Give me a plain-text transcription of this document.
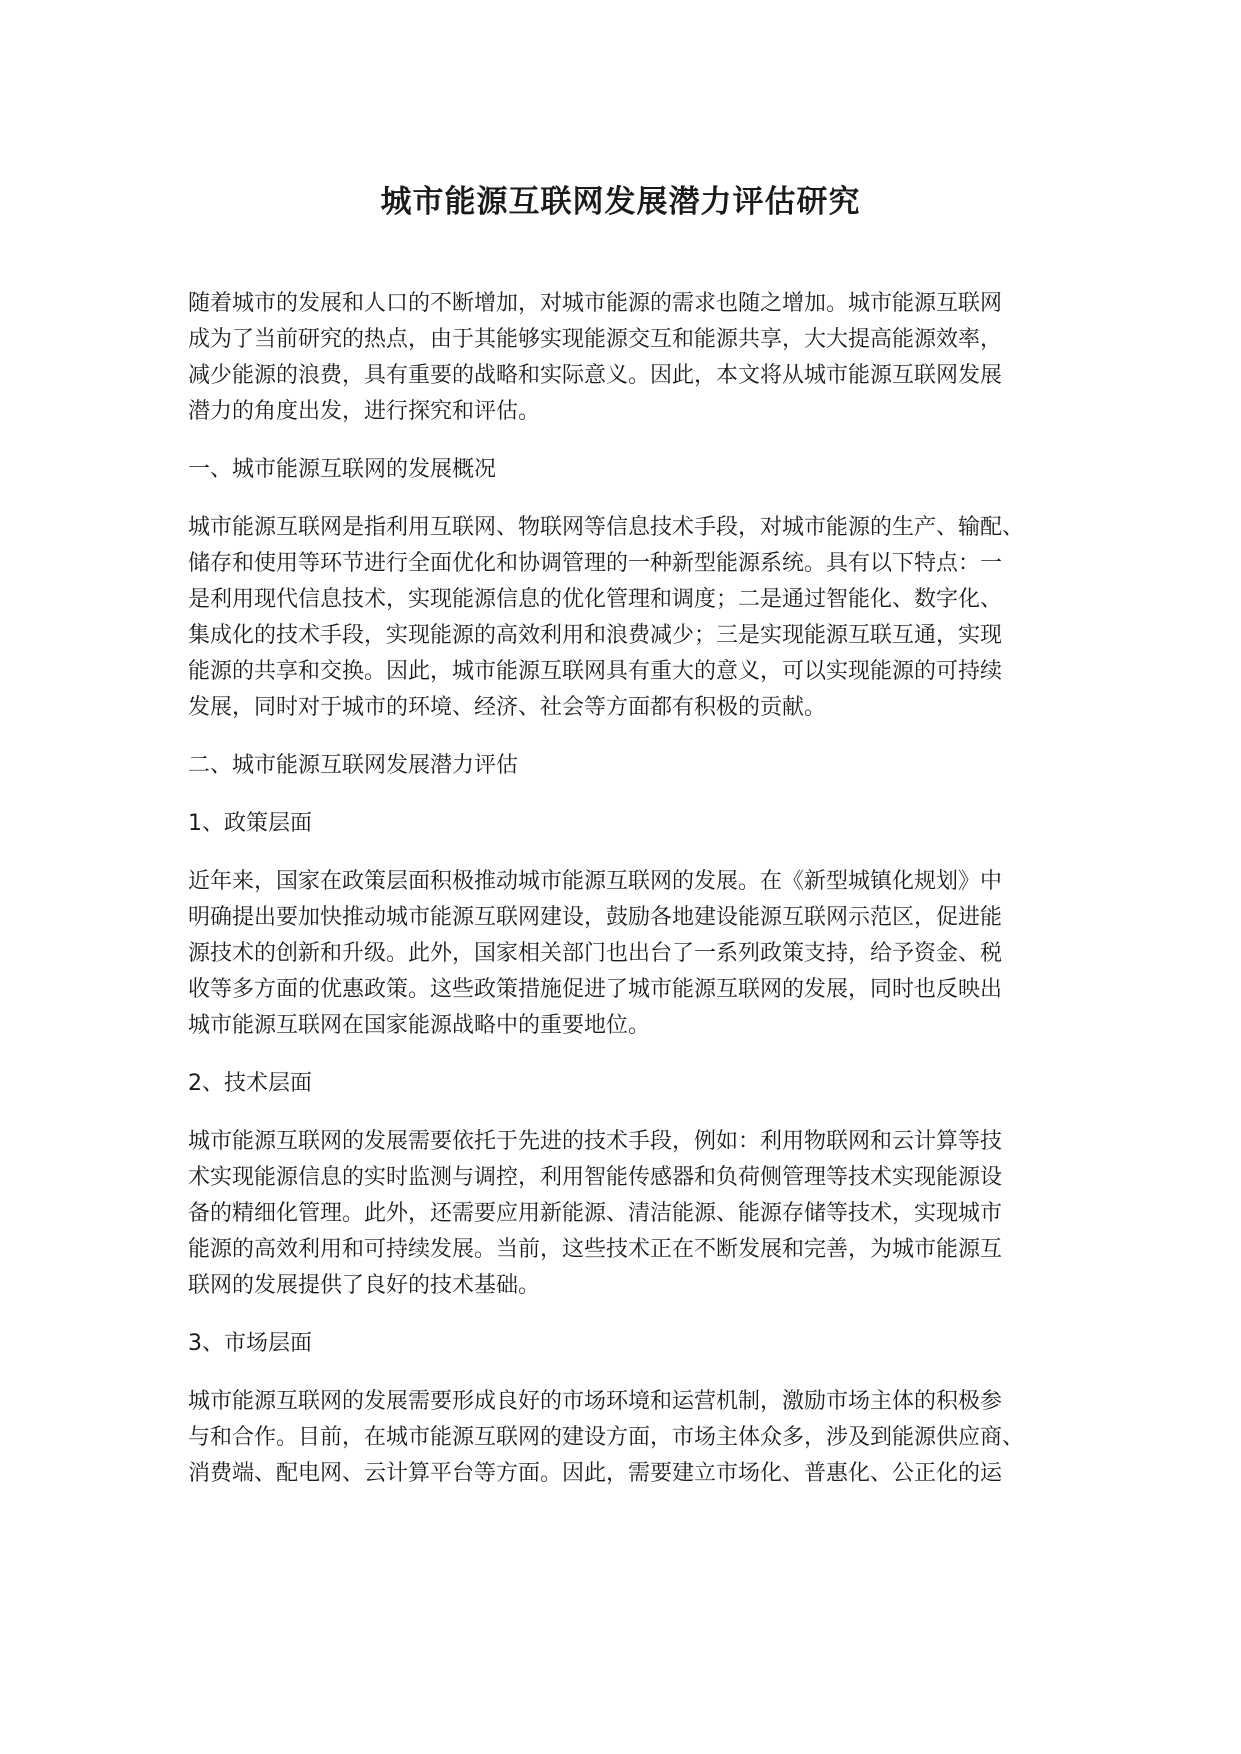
城市能源互联网发展潜力评估研究
随着城市的发展和人口的不断增加，对城市能源的需求也随之增加。城市能源互联网
成为了当前研究的热点，由于其能够实现能源交互和能源共享，大大提高能源效率，
减少能源的浪费，具有重要的战略和实际意义。因此，本文将从城市能源互联网发展
潜力的角度出发，进行探究和评估。
一、城市能源互联网的发展概况
城市能源互联网是指利用互联网、物联网等信息技术手段，对城市能源的生产、输配、
储存和使用等环节进行全面优化和协调管理的一种新型能源系统。具有以下特点：一
是利用现代信息技术，实现能源信息的优化管理和调度；二是通过智能化、数字化、
集成化的技术手段，实现能源的高效利用和浪费减少；三是实现能源互联互通，实现
能源的共享和交换。因此，城市能源互联网具有重大的意义，可以实现能源的可持续
发展，同时对于城市的环境、经济、社会等方面都有积极的贡献。
二、城市能源互联网发展潜力评估
1、政策层面
近年来，国家在政策层面积极推动城市能源互联网的发展。在《新型城镇化规划》中
明确提出要加快推动城市能源互联网建设，鼓励各地建设能源互联网示范区，促进能
源技术的创新和升级。此外，国家相关部门也出台了一系列政策支持，给予资金、税
收等多方面的优惠政策。这些政策措施促进了城市能源互联网的发展，同时也反映出
城市能源互联网在国家能源战略中的重要地位。
2、技术层面
城市能源互联网的发展需要依托于先进的技术手段，例如：利用物联网和云计算等技
术实现能源信息的实时监测与调控，利用智能传感器和负荷侧管理等技术实现能源设
备的精细化管理。此外，还需要应用新能源、清洁能源、能源存储等技术，实现城市
能源的高效利用和可持续发展。当前，这些技术正在不断发展和完善，为城市能源互
联网的发展提供了良好的技术基础。
3、市场层面
城市能源互联网的发展需要形成良好的市场环境和运营机制，激励市场主体的积极参
与和合作。目前，在城市能源互联网的建设方面，市场主体众多，涉及到能源供应商、
消费端、配电网、云计算平台等方面。因此，需要建立市场化、普惠化、公正化的运
